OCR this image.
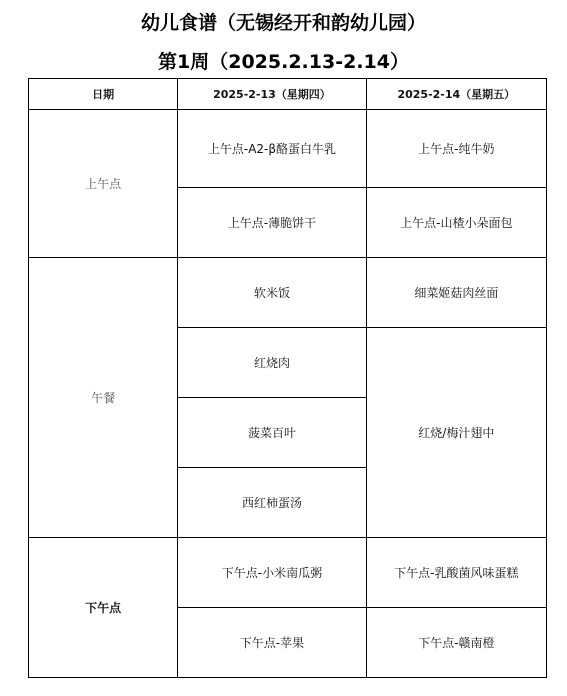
幼儿食谱（无锡经开和韵幼儿园）
第1周（2025.2.13-2.14）
日期	2025-2-13（星期四）	2025-2-14（星期五）
上午点	上午点-A2-β酪蛋白牛乳	上午点-纯牛奶
	上午点-薄脆饼干	上午点-山楂小朵面包
午餐	软米饭	细菜姬菇肉丝面
	红烧肉	红烧/梅汁翅中
	菠菜百叶	
	西红柿蛋汤	
下午点	下午点-小米南瓜粥	下午点-乳酸菌风味蛋糕
	下午点-苹果	下午点-赣南橙
